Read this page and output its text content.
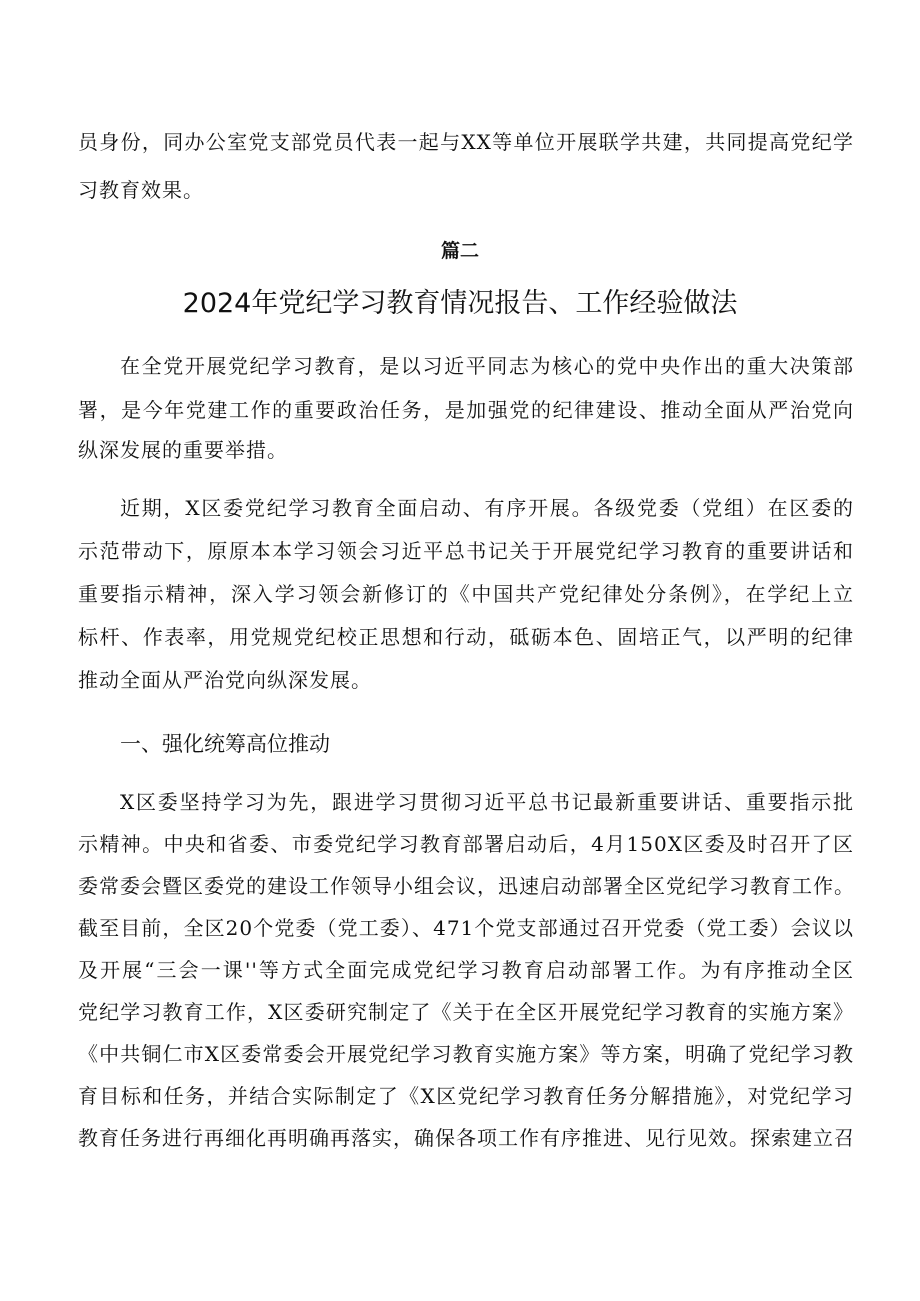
员身份，同办公室党支部党员代表一起与XX等单位开展联学共建，共同提高党纪学
习教育效果。
篇二
2024年党纪学习教育情况报告、工作经验做法
在全党开展党纪学习教育，是以习近平同志为核心的党中央作出的重大决策部
署，是今年党建工作的重要政治任务，是加强党的纪律建设、推动全面从严治党向
纵深发展的重要举措。
近期，X区委党纪学习教育全面启动、有序开展。各级党委（党组）在区委的
示范带动下，原原本本学习领会习近平总书记关于开展党纪学习教育的重要讲话和
重要指示精神，深入学习领会新修订的《中国共产党纪律处分条例》，在学纪上立
标杆、作表率，用党规党纪校正思想和行动，砥砺本色、固培正气，以严明的纪律
推动全面从严治党向纵深发展。
一、强化统筹高位推动
X区委坚持学习为先，跟进学习贯彻习近平总书记最新重要讲话、重要指示批
示精神。中央和省委、市委党纪学习教育部署启动后，4月150X区委及时召开了区
委常委会暨区委党的建设工作领导小组会议，迅速启动部署全区党纪学习教育工作。
截至目前，全区20个党委（党工委）、471个党支部通过召开党委（党工委）会议以
及开展“三会一课''等方式全面完成党纪学习教育启动部署工作。为有序推动全区
党纪学习教育工作，X区委研究制定了《关于在全区开展党纪学习教育的实施方案》
《中共铜仁市X区委常委会开展党纪学习教育实施方案》等方案，明确了党纪学习教
育目标和任务，并结合实际制定了《X区党纪学习教育任务分解措施》，对党纪学习
教育任务进行再细化再明确再落实，确保各项工作有序推进、见行见效。探索建立召
